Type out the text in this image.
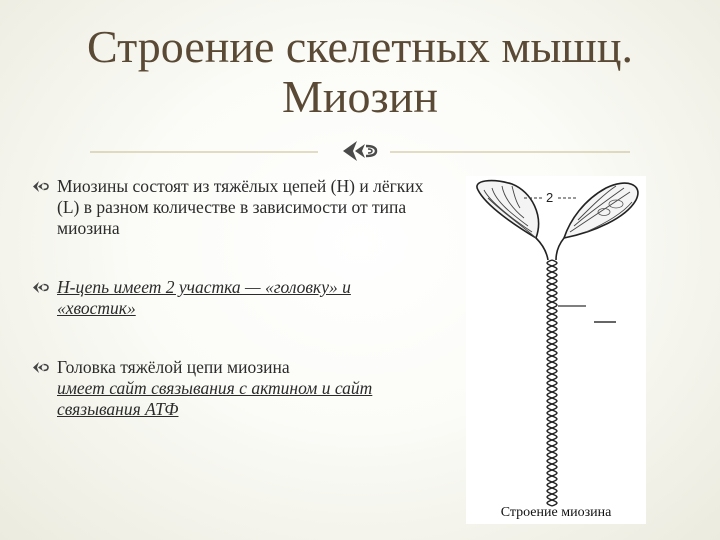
Строение скелетных мышц.
Миозин
Миозины состоят из тяжёлых цепей (H) и лёгких (L) в разном количестве в зависимости от типа миозина
H-цепь имеет 2 участка — «головку» и «хвостик»
Головка тяжёлой цепи миозина
имеет сайт связывания с актином и сайт связывания АТФ
2
Строение миозина
